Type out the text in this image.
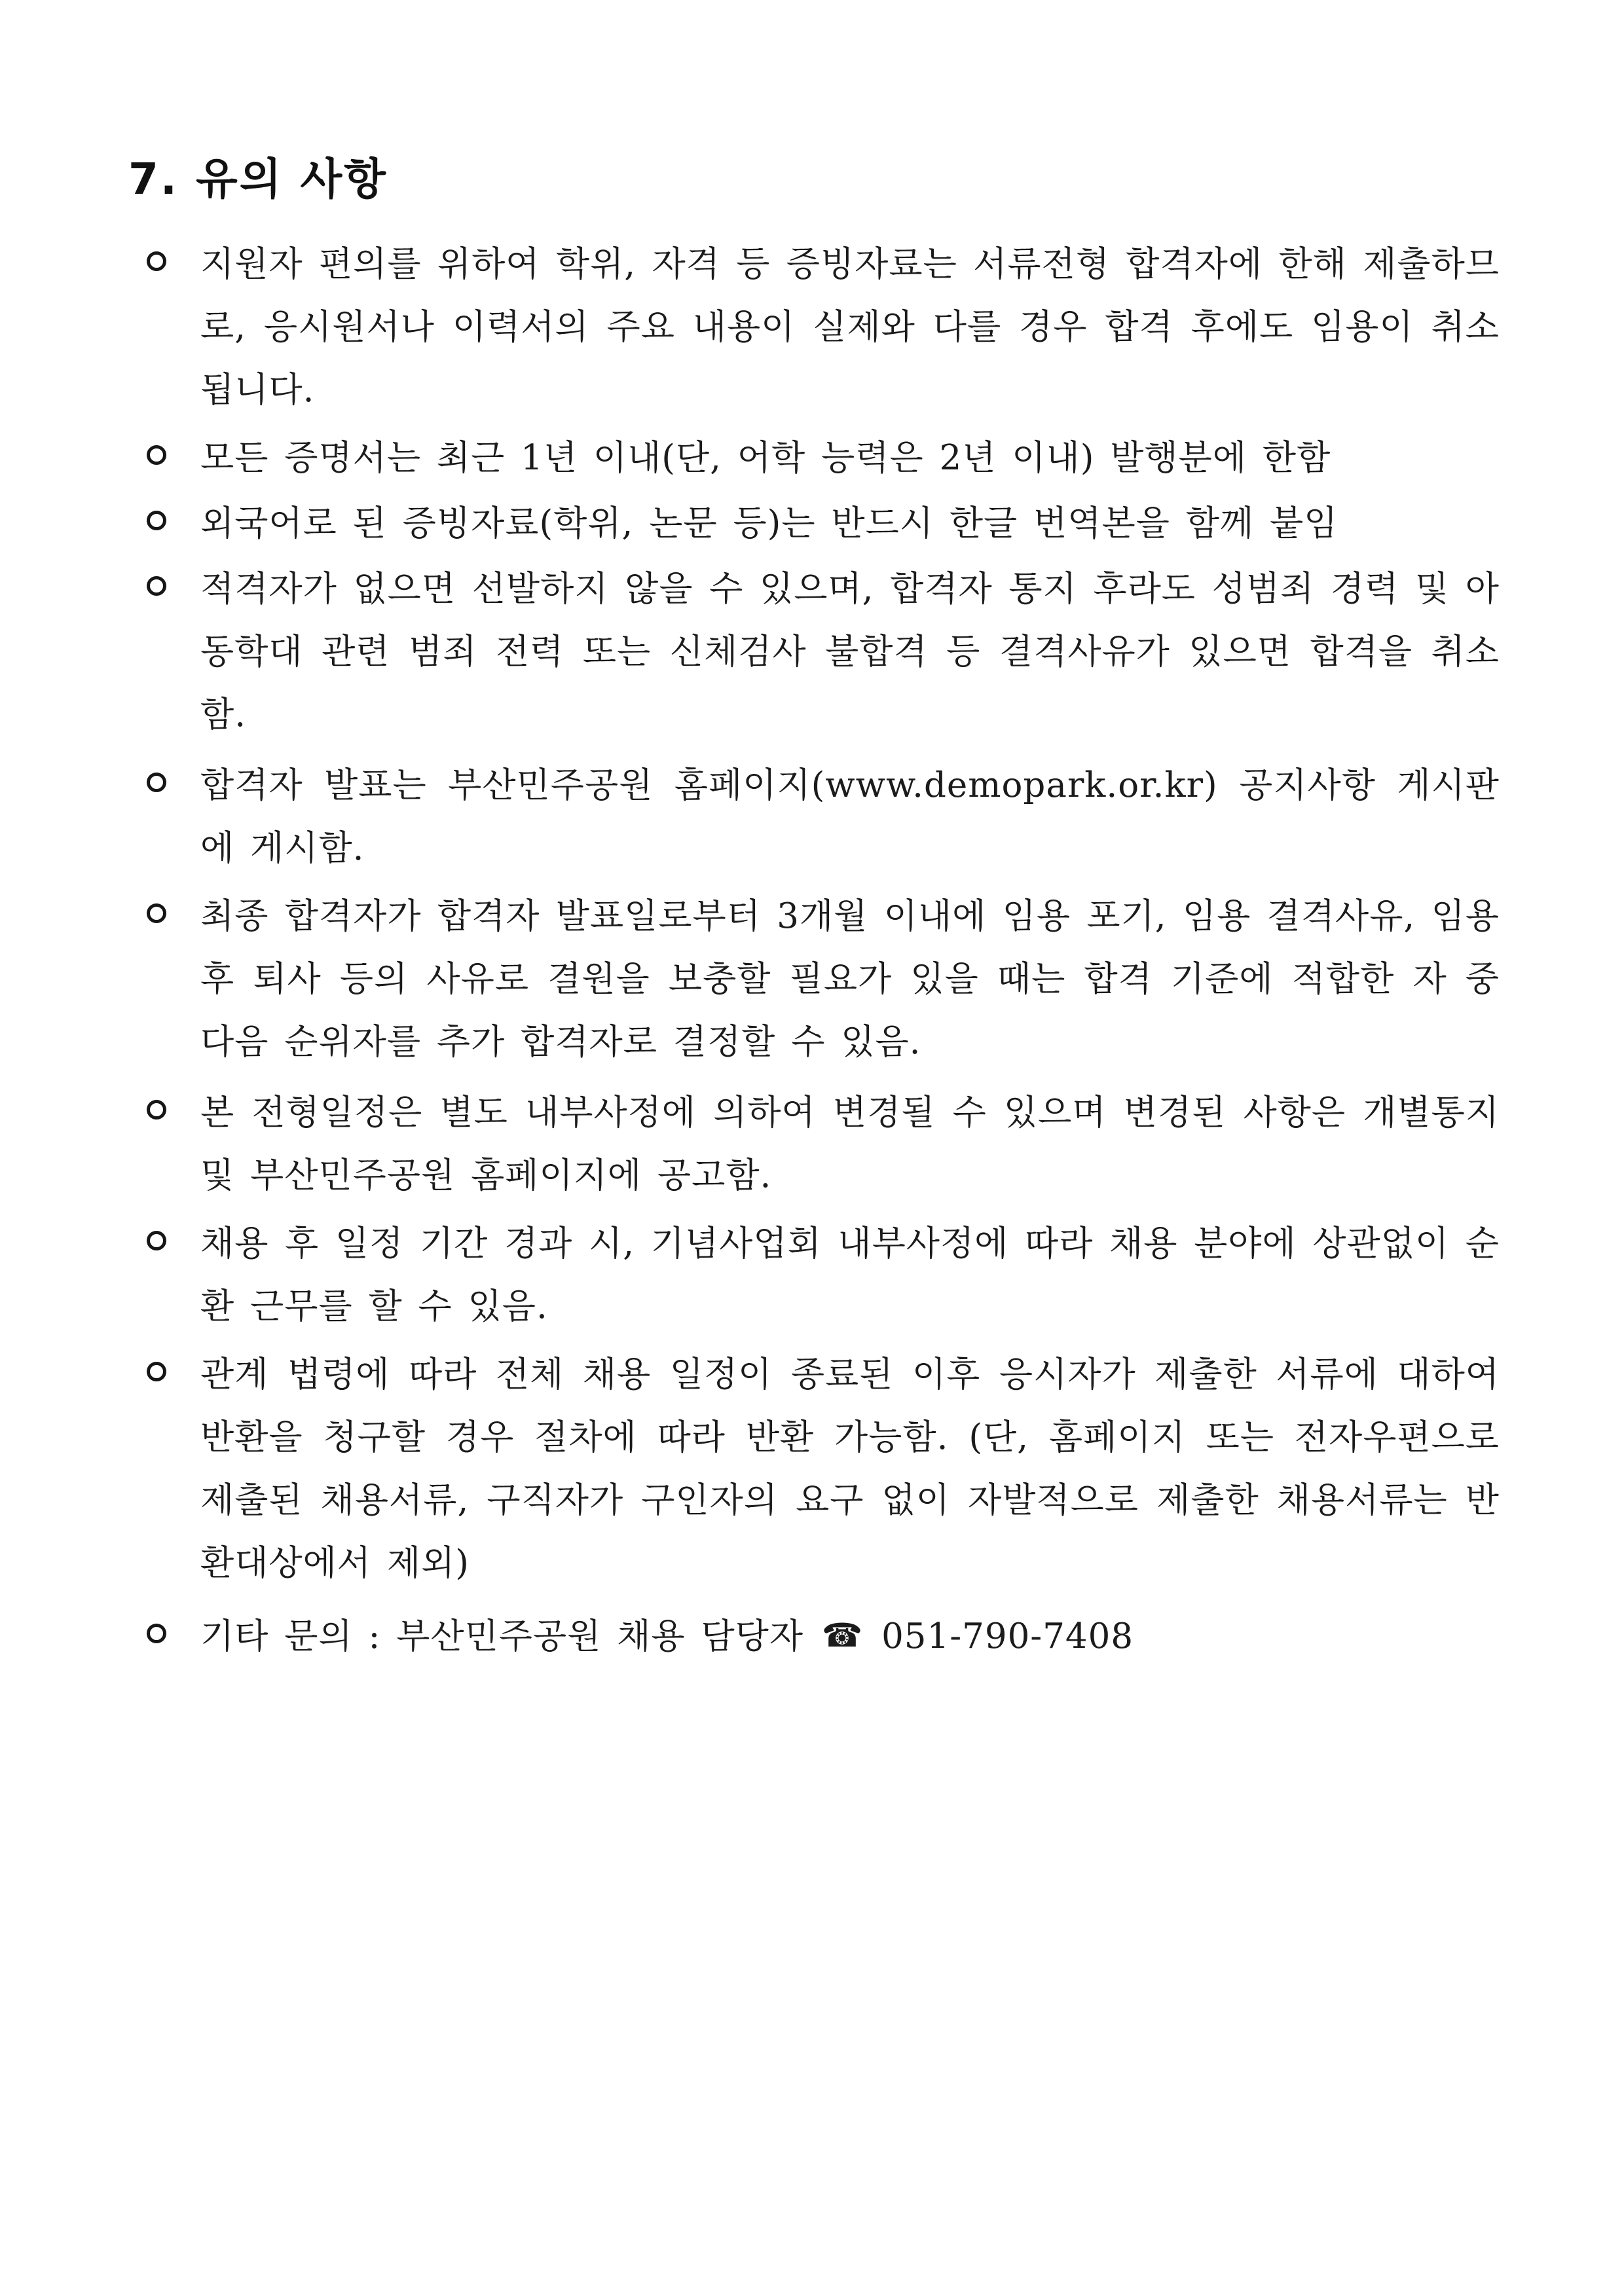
7. 유의 사항
지원자 편의를 위하여 학위, 자격 등 증빙자료는 서류전형 합격자에 한해 제출하므로, 응시원서나 이력서의 주요 내용이 실제와 다를 경우 합격 후에도 임용이 취소됩니다.
모든 증명서는 최근 1년 이내(단, 어학 능력은 2년 이내) 발행분에 한함
외국어로 된 증빙자료(학위, 논문 등)는 반드시 한글 번역본을 함께 붙임
적격자가 없으면 선발하지 않을 수 있으며, 합격자 통지 후라도 성범죄 경력 및 아동학대 관련 범죄 전력 또는 신체검사 불합격 등 결격사유가 있으면 합격을 취소함.
합격자 발표는 부산민주공원 홈페이지(www.demopark.or.kr) 공지사항 게시판에 게시함.
최종 합격자가 합격자 발표일로부터 3개월 이내에 임용 포기, 임용 결격사유, 임용 후 퇴사 등의 사유로 결원을 보충할 필요가 있을 때는 합격 기준에 적합한 자 중 다음 순위자를 추가 합격자로 결정할 수 있음.
본 전형일정은 별도 내부사정에 의하여 변경될 수 있으며 변경된 사항은 개별통지 및 부산민주공원 홈페이지에 공고함.
채용 후 일정 기간 경과 시, 기념사업회 내부사정에 따라 채용 분야에 상관없이 순환 근무를 할 수 있음.
관계 법령에 따라 전체 채용 일정이 종료된 이후 응시자가 제출한 서류에 대하여 반환을 청구할 경우 절차에 따라 반환 가능함. (단, 홈페이지 또는 전자우편으로 제출된 채용서류, 구직자가 구인자의 요구 없이 자발적으로 제출한 채용서류는 반환대상에서 제외)
기타 문의 : 부산민주공원 채용 담당자 ☎ 051-790-7408
